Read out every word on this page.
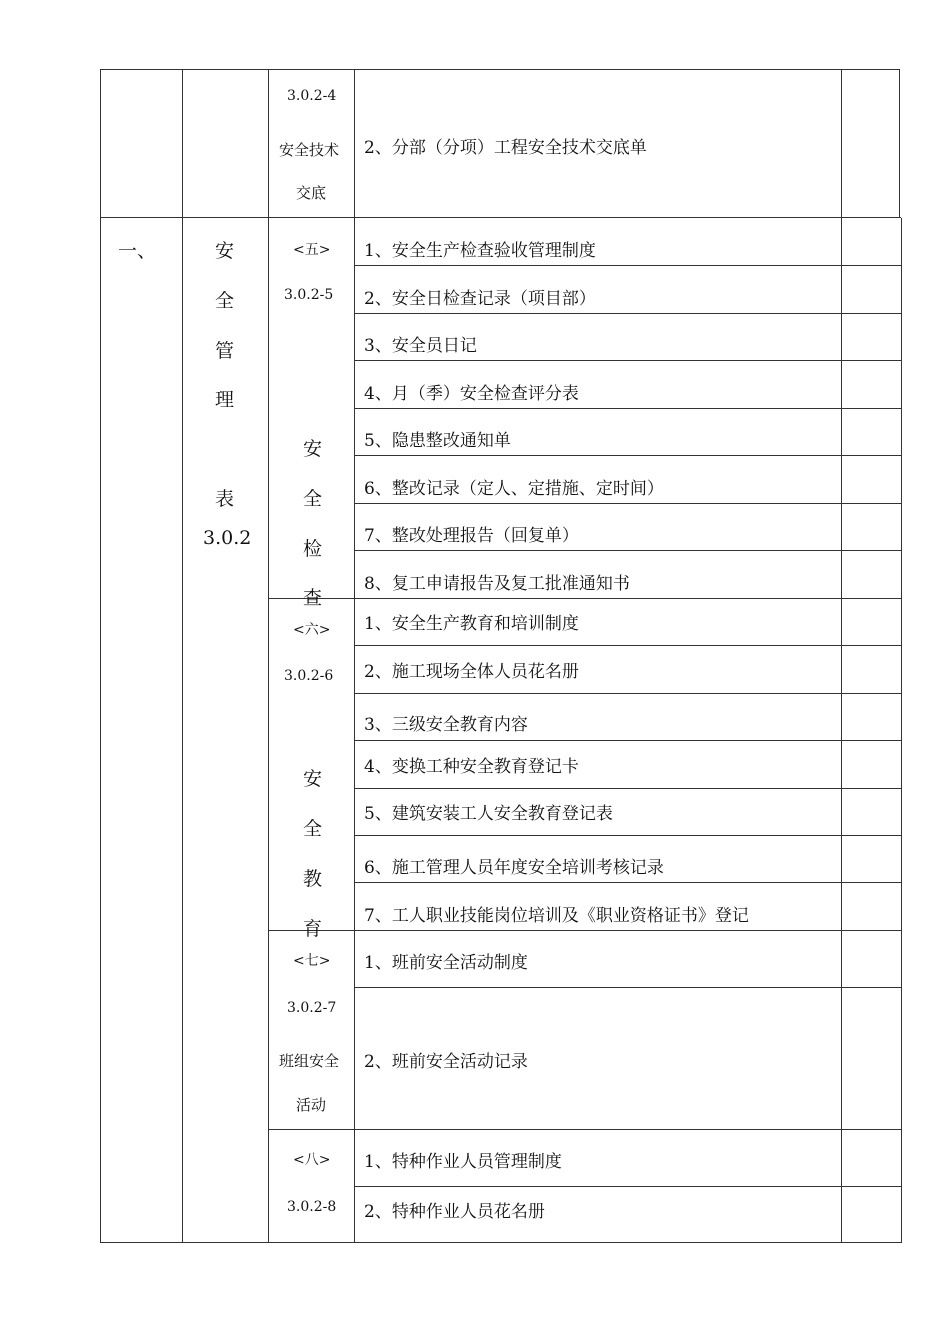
一、	安
全
管
理
表
3.0.2
3.0.2-4
安全技术
交底
2、分部（分项）工程安全技术交底单
<五>
3.0.2-5
安
全
检
查
1、安全生产检查验收管理制度
2、安全日检查记录（项目部）
3、安全员日记
4、月（季）安全检查评分表
5、隐患整改通知单
6、整改记录（定人、定措施、定时间）
7、整改处理报告（回复单）
8、复工申请报告及复工批准通知书
<六>
3.0.2-6
安
全
教
育
1、安全生产教育和培训制度
2、施工现场全体人员花名册
3、三级安全教育内容
4、变换工种安全教育登记卡
5、建筑安装工人安全教育登记表
6、施工管理人员年度安全培训考核记录
7、工人职业技能岗位培训及《职业资格证书》登记
<七>
3.0.2-7
班组安全
活动
1、班前安全活动制度
2、班前安全活动记录
<八>
3.0.2-8
1、特种作业人员管理制度
2、特种作业人员花名册
